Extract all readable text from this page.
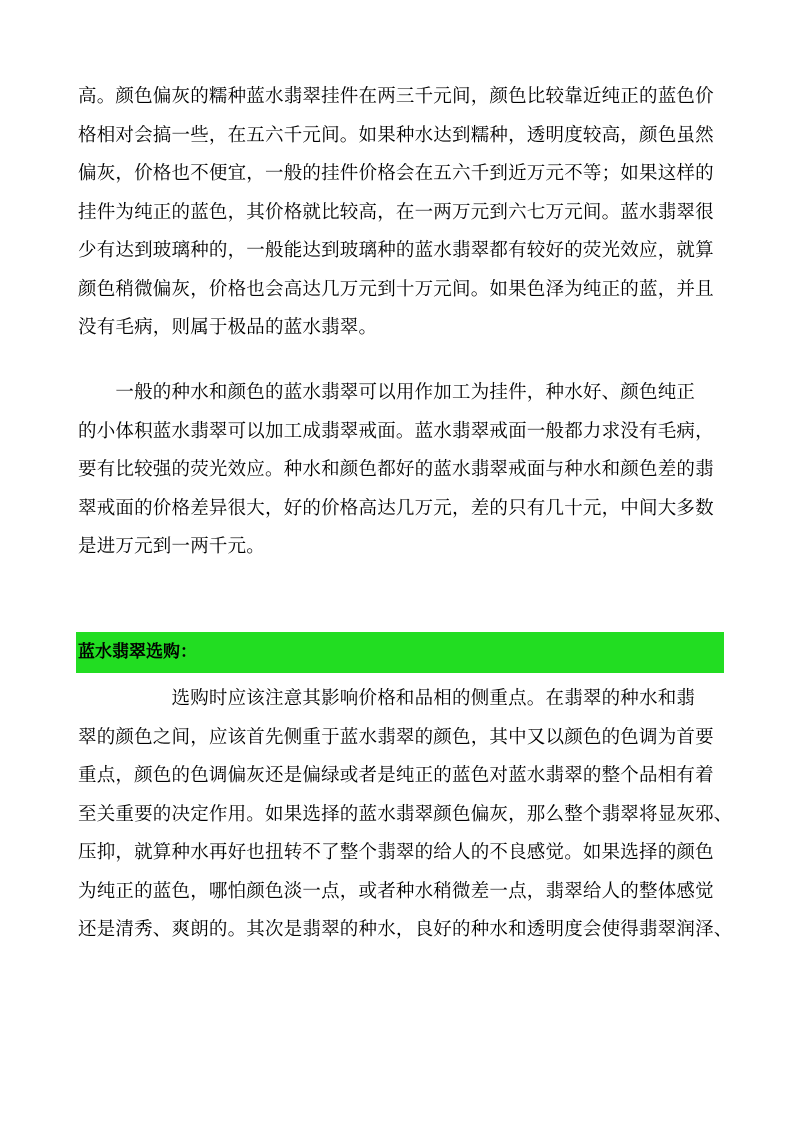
高。颜色偏灰的糯种蓝水翡翠挂件在两三千元间，颜色比较靠近纯正的蓝色价
格相对会搞一些，在五六千元间。如果种水达到糯种，透明度较高，颜色虽然
偏灰，价格也不便宜，一般的挂件价格会在五六千到近万元不等；如果这样的
挂件为纯正的蓝色，其价格就比较高，在一两万元到六七万元间。蓝水翡翠很
少有达到玻璃种的，一般能达到玻璃种的蓝水翡翠都有较好的荧光效应，就算
颜色稍微偏灰，价格也会高达几万元到十万元间。如果色泽为纯正的蓝，并且
没有毛病，则属于极品的蓝水翡翠。
　　一般的种水和颜色的蓝水翡翠可以用作加工为挂件，种水好、颜色纯正
的小体积蓝水翡翠可以加工成翡翠戒面。蓝水翡翠戒面一般都力求没有毛病，
要有比较强的荧光效应。种水和颜色都好的蓝水翡翠戒面与种水和颜色差的翡
翠戒面的价格差异很大，好的价格高达几万元，差的只有几十元，中间大多数
是进万元到一两千元。
蓝水翡翠选购：
　　　　　选购时应该注意其影响价格和品相的侧重点。在翡翠的种水和翡
翠的颜色之间，应该首先侧重于蓝水翡翠的颜色，其中又以颜色的色调为首要
重点，颜色的色调偏灰还是偏绿或者是纯正的蓝色对蓝水翡翠的整个品相有着
至关重要的决定作用。如果选择的蓝水翡翠颜色偏灰，那么整个翡翠将显灰邪、
压抑，就算种水再好也扭转不了整个翡翠的给人的不良感觉。如果选择的颜色
为纯正的蓝色，哪怕颜色淡一点，或者种水稍微差一点，翡翠给人的整体感觉
还是清秀、爽朗的。其次是翡翠的种水，良好的种水和透明度会使得翡翠润泽、
